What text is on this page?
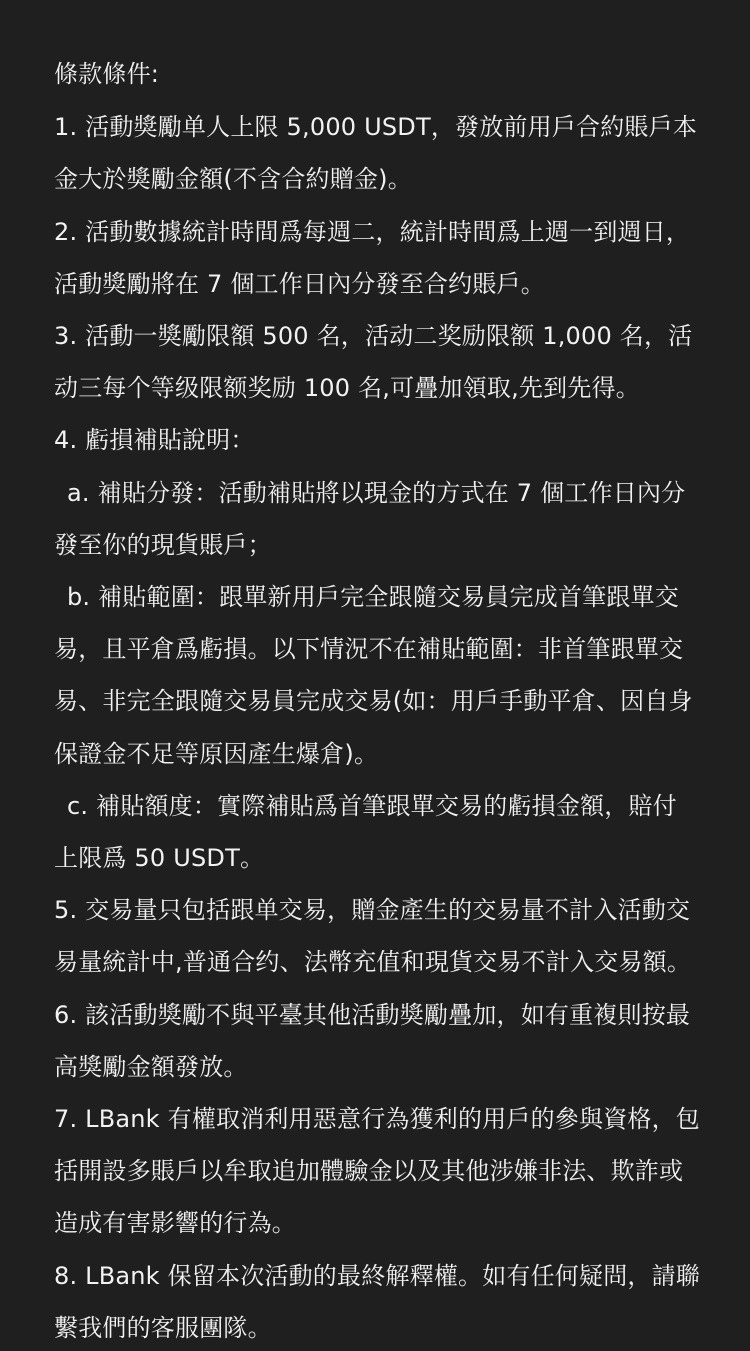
條款條件:

1. 活動獎勵单人上限 5,000 USDT，發放前用戶合約賬戶本金大於獎勵金額(不含合約贈金)。

2. 活動數據統計時間爲每週二，統計時間爲上週一到週日，活動獎勵將在 7 個工作日內分發至合约賬戶。

3. 活動一獎勵限額 500 名，活动二奖励限额 1,000 名，活动三每个等级限额奖励 100 名,可疊加領取,先到先得。

4. 虧損補貼說明：

a. 補貼分發：活動補貼將以現金的方式在 7 個工作日內分發至你的現貨賬戶；

b. 補貼範圍：跟單新用戶完全跟隨交易員完成首筆跟單交易，且平倉爲虧損。以下情況不在補貼範圍：非首筆跟單交易、非完全跟隨交易員完成交易(如：用戶手動平倉、因自身保證金不足等原因產生爆倉)。

c. 補貼額度：實際補貼爲首筆跟單交易的虧損金額，賠付上限爲 50 USDT。

5. 交易量只包括跟单交易，贈金產生的交易量不計入活動交易量統計中,普通合约、法幣充值和現貨交易不計入交易額。

6. 該活動獎勵不與平臺其他活動獎勵疊加，如有重複則按最高獎勵金額發放。

7. LBank 有權取消利用惡意行為獲利的用戶的參與資格，包括開設多賬戶以牟取追加體驗金以及其他涉嫌非法、欺詐或造成有害影響的行為。

8. LBank 保留本次活動的最終解釋權。如有任何疑問，請聯繫我們的客服團隊。
